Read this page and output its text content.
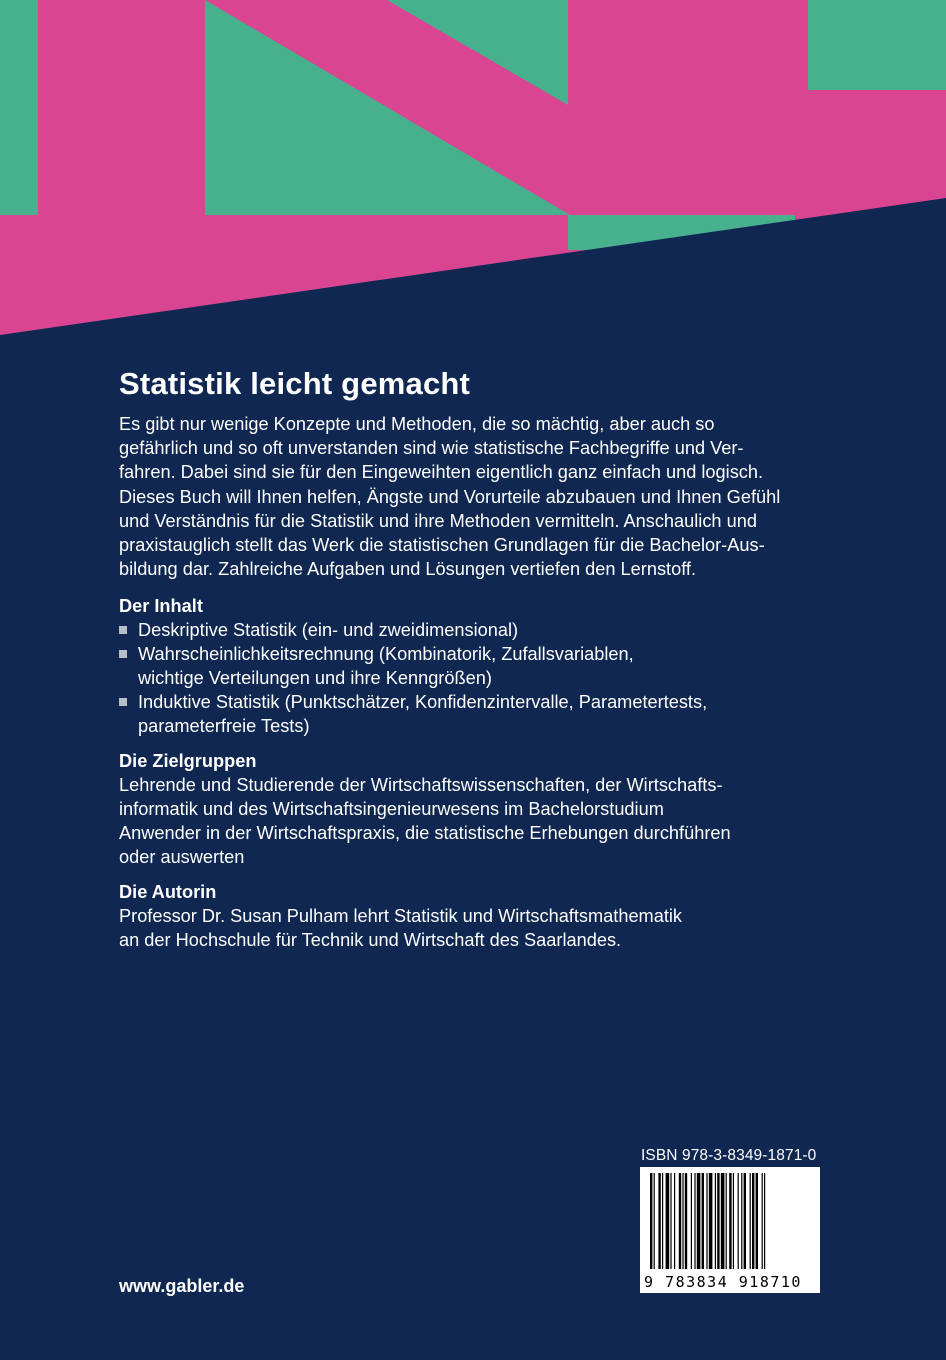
Statistik leicht gemacht

Es gibt nur wenige Konzepte und Methoden, die so mächtig, aber auch so

gefährlich und so oft unverstanden sind wie statistische Fachbegriffe und Ver-

fahren. Dabei sind sie für den Eingeweihten eigentlich ganz einfach und logisch.

Dieses Buch will Ihnen helfen, Ängste und Vorurteile abzubauen und Ihnen Gefühl

und Verständnis für die Statistik und ihre Methoden vermitteln. Anschaulich und

praxistauglich stellt das Werk die statistischen Grundlagen für die Bachelor-Aus-

bildung dar. Zahlreiche Aufgaben und Lösungen vertiefen den Lernstoff.

Der Inhalt

Deskriptive Statistik (ein- und zweidimensional)
Wahrscheinlichkeitsrechnung (Kombinatorik, Zufallsvariablen,
wichtige Verteilungen und ihre Kenngrößen)
Induktive Statistik (Punktschätzer, Konfidenzintervalle, Parametertests,
parameterfreie Tests)

Die Zielgruppen

Lehrende und Studierende der Wirtschaftswissenschaften, der Wirtschafts-

informatik und des Wirtschaftsingenieurwesens im Bachelorstudium

Anwender in der Wirtschaftspraxis, die statistische Erhebungen durchführen

oder auswerten

Die Autorin

Professor Dr. Susan Pulham lehrt Statistik und Wirtschaftsmathematik

an der Hochschule für Technik und Wirtschaft des Saarlandes.

ISBN 978-3-8349-1871-0
9 783834 918710
www.gabler.de
